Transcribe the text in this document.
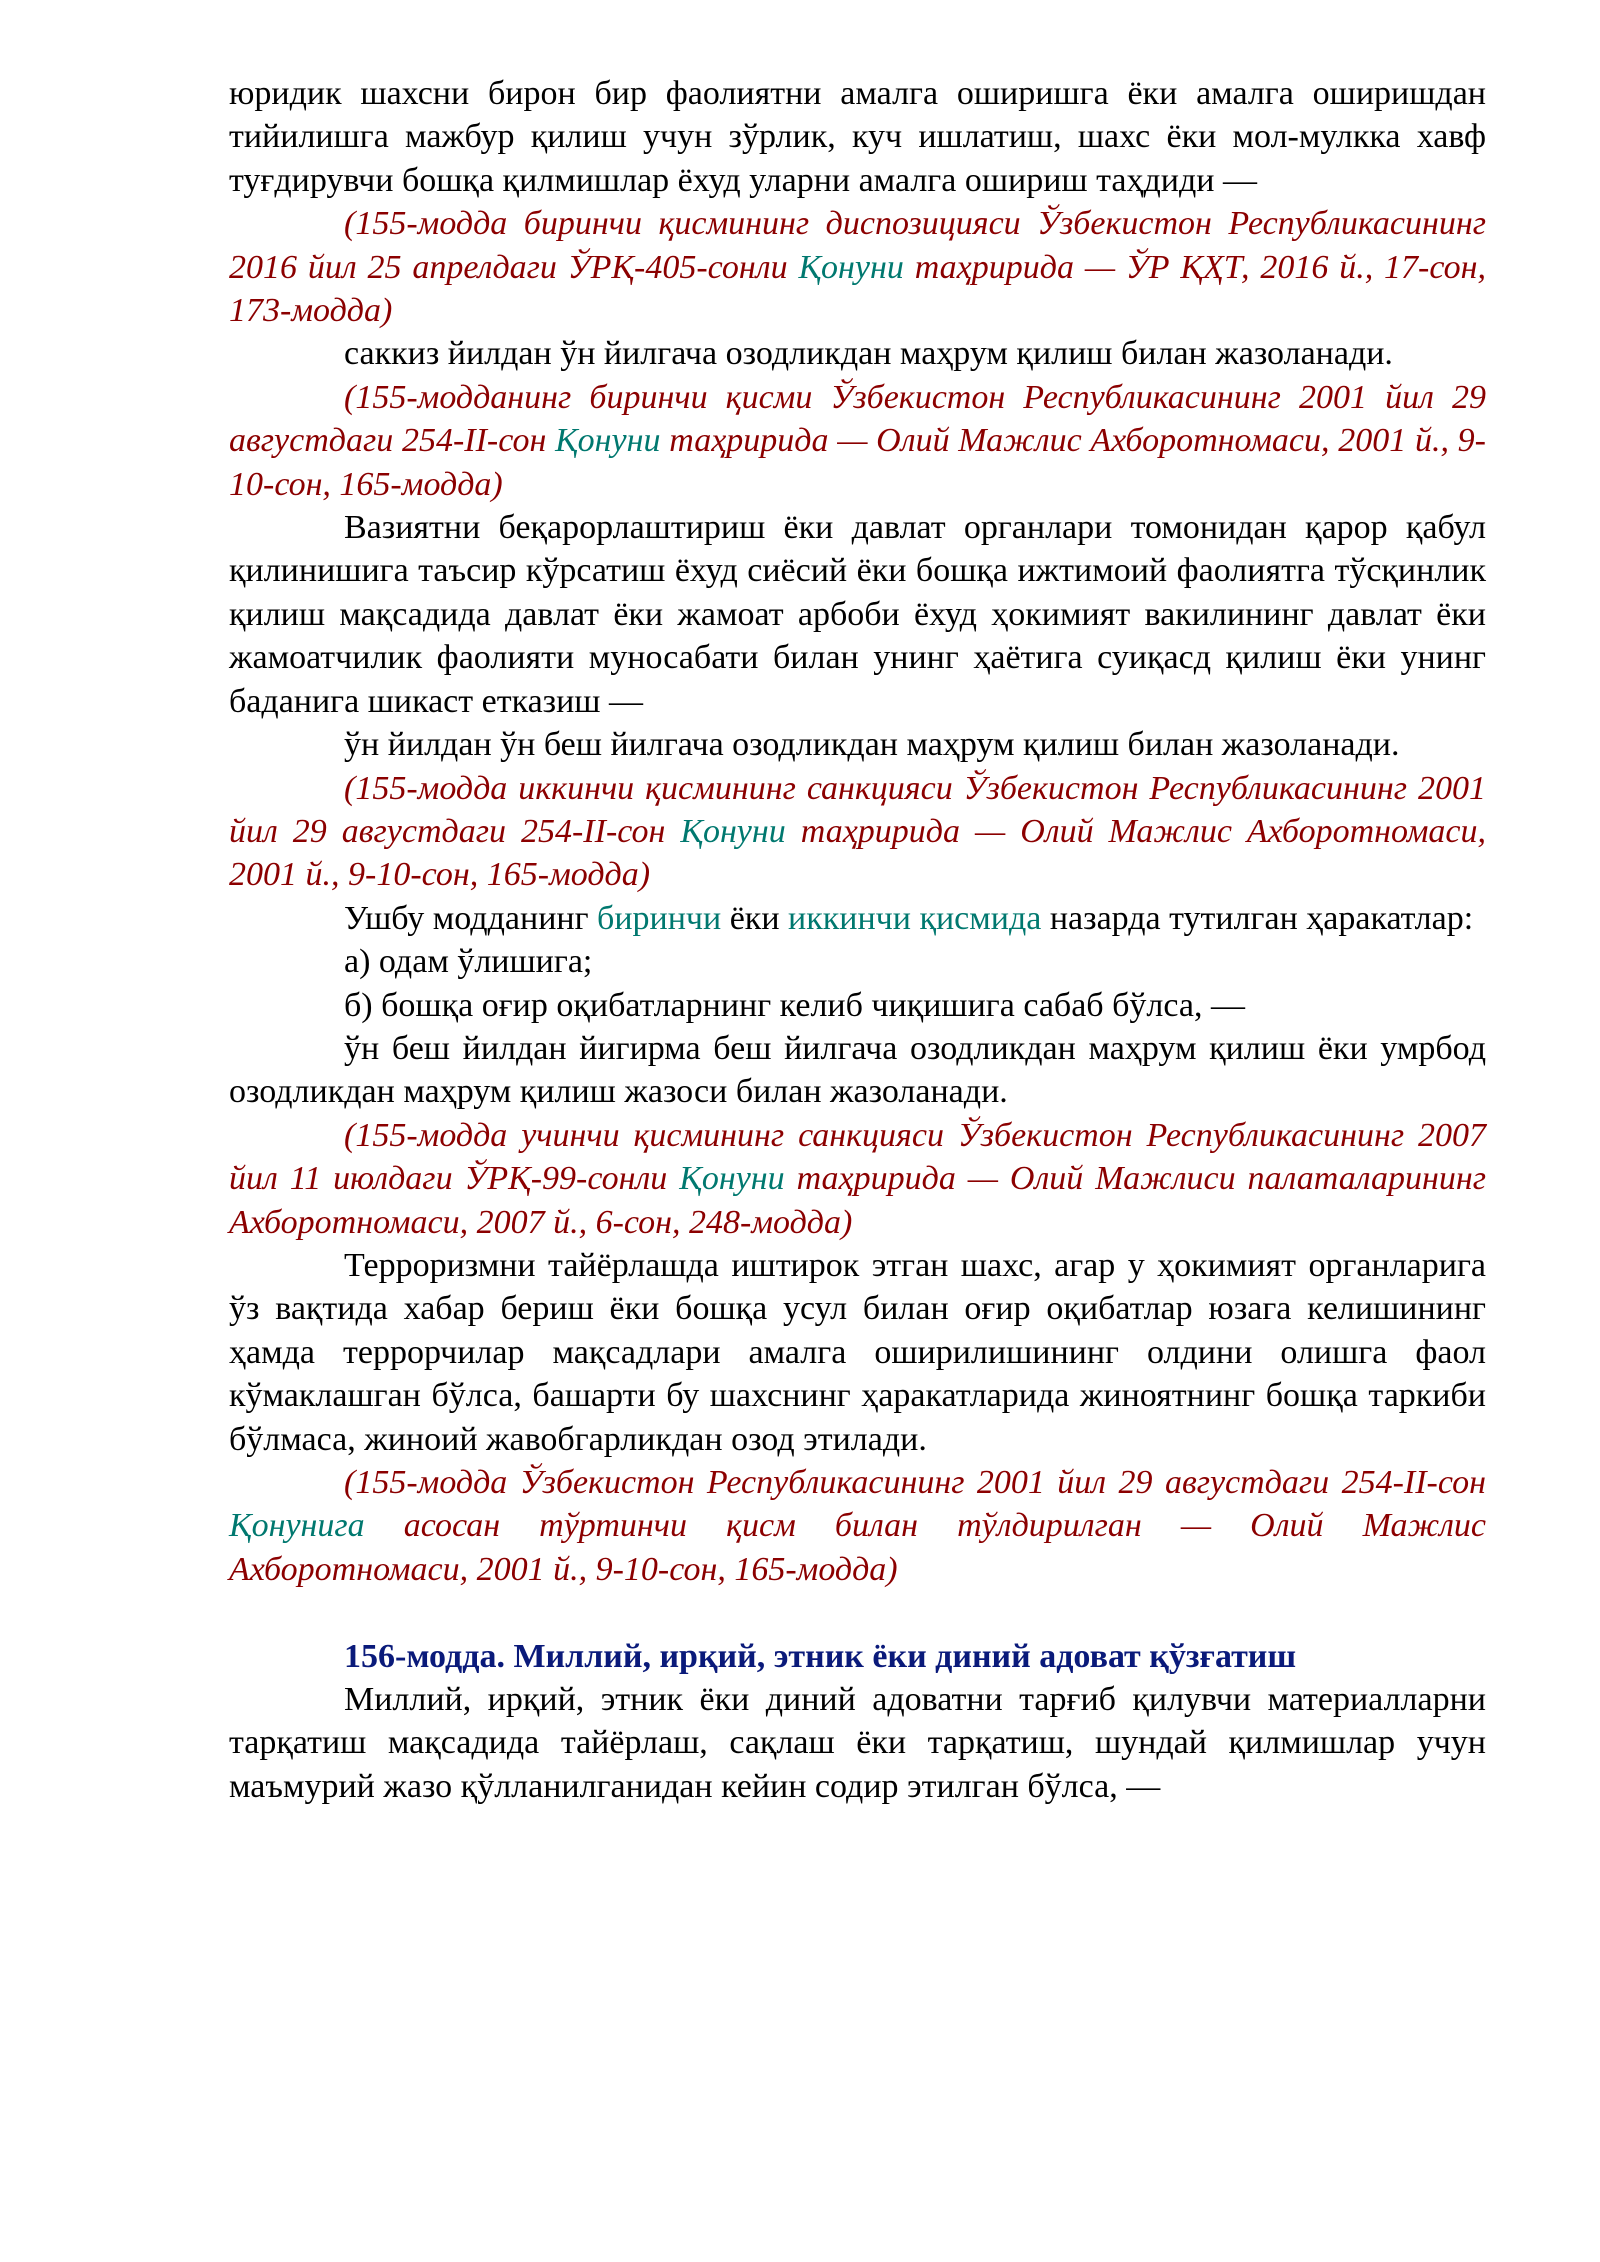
юридик шахсни бирон бир фаолиятни амалга оширишга ёки амалга оширишдан тийилишга мажбур қилиш учун зўрлик, куч ишлатиш, шахс ёки мол-мулкка хавф туғдирувчи бошқа қилмишлар ёхуд уларни амалга ошириш таҳдиди —

(155-модда биринчи қисмининг диспозицияси Ўзбекистон Республикасининг 2016 йил 25 апрелдаги ЎРҚ-405-сонли Қонуни таҳририда — ЎР ҚҲТ, 2016 й., 17-сон, 173-модда)

саккиз йилдан ўн йилгача озодликдан маҳрум қилиш билан жазоланади.

(155-модданинг биринчи қисми Ўзбекистон Республикасининг 2001 йил 29 августдаги 254-II-сон Қонуни таҳририда — Олий Мажлис Ахборотномаси, 2001 й., 9-10-сон, 165-модда)

Вазиятни беқарорлаштириш ёки давлат органлари томонидан қарор қабул қилинишига таъсир кўрсатиш ёхуд сиёсий ёки бошқа ижтимоий фаолиятга тўсқинлик қилиш мақсадида давлат ёки жамоат арбоби ёхуд ҳокимият вакилининг давлат ёки жамоатчилик фаолияти муносабати билан унинг ҳаётига суиқасд қилиш ёки унинг баданига шикаст етказиш —

ўн йилдан ўн беш йилгача озодликдан маҳрум қилиш билан жазоланади.

(155-модда иккинчи қисмининг санкцияси Ўзбекистон Республикасининг 2001 йил 29 августдаги 254-II-сон Қонуни таҳририда — Олий Мажлис Ахборотномаси, 2001 й., 9-10-сон, 165-модда)

Ушбу модданинг биринчи ёки иккинчи қисмида назарда тутилган ҳаракатлар:

а) одам ўлишига;

б) бошқа оғир оқибатларнинг келиб чиқишига сабаб бўлса, —

ўн беш йилдан йигирма беш йилгача озодликдан маҳрум қилиш ёки умрбод озодликдан маҳрум қилиш жазоси билан жазоланади.

(155-модда учинчи қисмининг санкцияси Ўзбекистон Республикасининг 2007 йил 11 июлдаги ЎРҚ-99-сонли Қонуни таҳририда — Олий Мажлиси палаталарининг Ахборотномаси, 2007 й., 6-сон, 248-модда)

Терроризмни тайёрлашда иштирок этган шахс, агар у ҳокимият органларига ўз вақтида хабар бериш ёки бошқа усул билан оғир оқибатлар юзага келишининг ҳамда террорчилар мақсадлари амалга оширилишининг олдини олишга фаол кўмаклашган бўлса, башарти бу шахснинг ҳаракатларида жиноятнинг бошқа таркиби бўлмаса, жиноий жавобгарликдан озод этилади.

(155-модда Ўзбекистон Республикасининг 2001 йил 29 августдаги 254-II-сон Қонунига асосан тўртинчи қисм билан тўлдирилган — Олий Мажлис Ахборотномаси, 2001 й., 9-10-сон, 165-модда)

156-модда. Миллий, ирқий, этник ёки диний адоват қўзғатиш

Миллий, ирқий, этник ёки диний адоватни тарғиб қилувчи материалларни тарқатиш мақсадида тайёрлаш, сақлаш ёки тарқатиш, шундай қилмишлар учун маъмурий жазо қўлланилганидан кейин содир этилган бўлса, —
